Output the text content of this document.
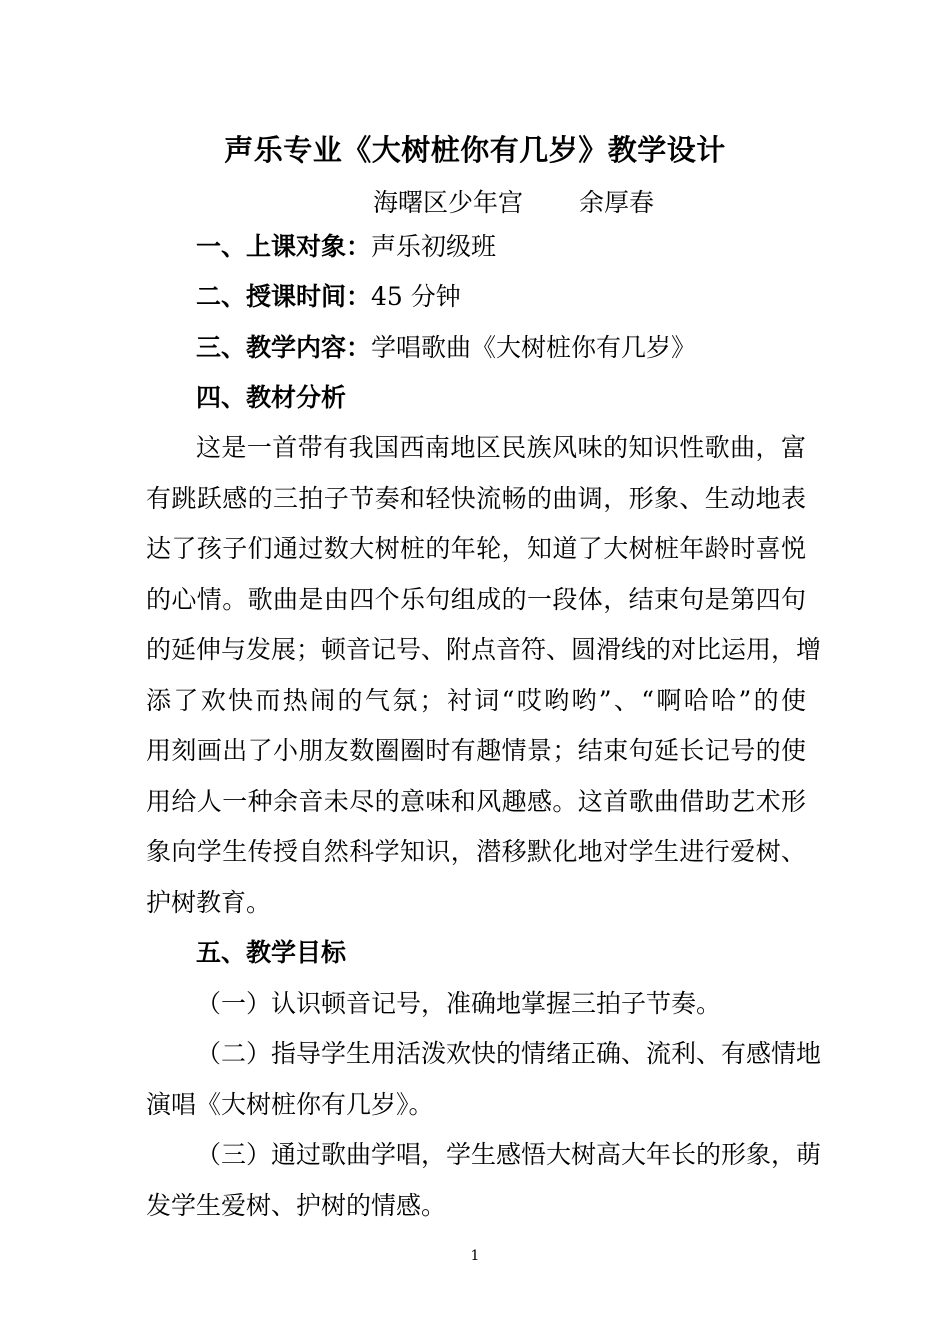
声乐专业《大树桩你有几岁》教学设计
海曙区少年宫 余厚春
一、上课对象：声乐初级班
二、授课时间：45 分钟
三、教学内容：学唱歌曲《大树桩你有几岁》
四、教材分析
这是一首带有我国西南地区民族风味的知识性歌曲，富
有跳跃感的三拍子节奏和轻快流畅的曲调，形象、生动地表
达了孩子们通过数大树桩的年轮，知道了大树桩年龄时喜悦
的心情。歌曲是由四个乐句组成的一段体，结束句是第四句
的延伸与发展；顿音记号、附点音符、圆滑线的对比运用，增
添了欢快而热闹的气氛；衬词“哎哟哟”、“啊哈哈”的使
用刻画出了小朋友数圈圈时有趣情景；结束句延长记号的使
用给人一种余音未尽的意味和风趣感。这首歌曲借助艺术形
象向学生传授自然科学知识，潜移默化地对学生进行爱树、
护树教育。
五、教学目标
（一）认识顿音记号，准确地掌握三拍子节奏。
（二）指导学生用活泼欢快的情绪正确、流利、有感情地
演唱《大树桩你有几岁》。
（三）通过歌曲学唱，学生感悟大树高大年长的形象，萌
发学生爱树、护树的情感。
1
